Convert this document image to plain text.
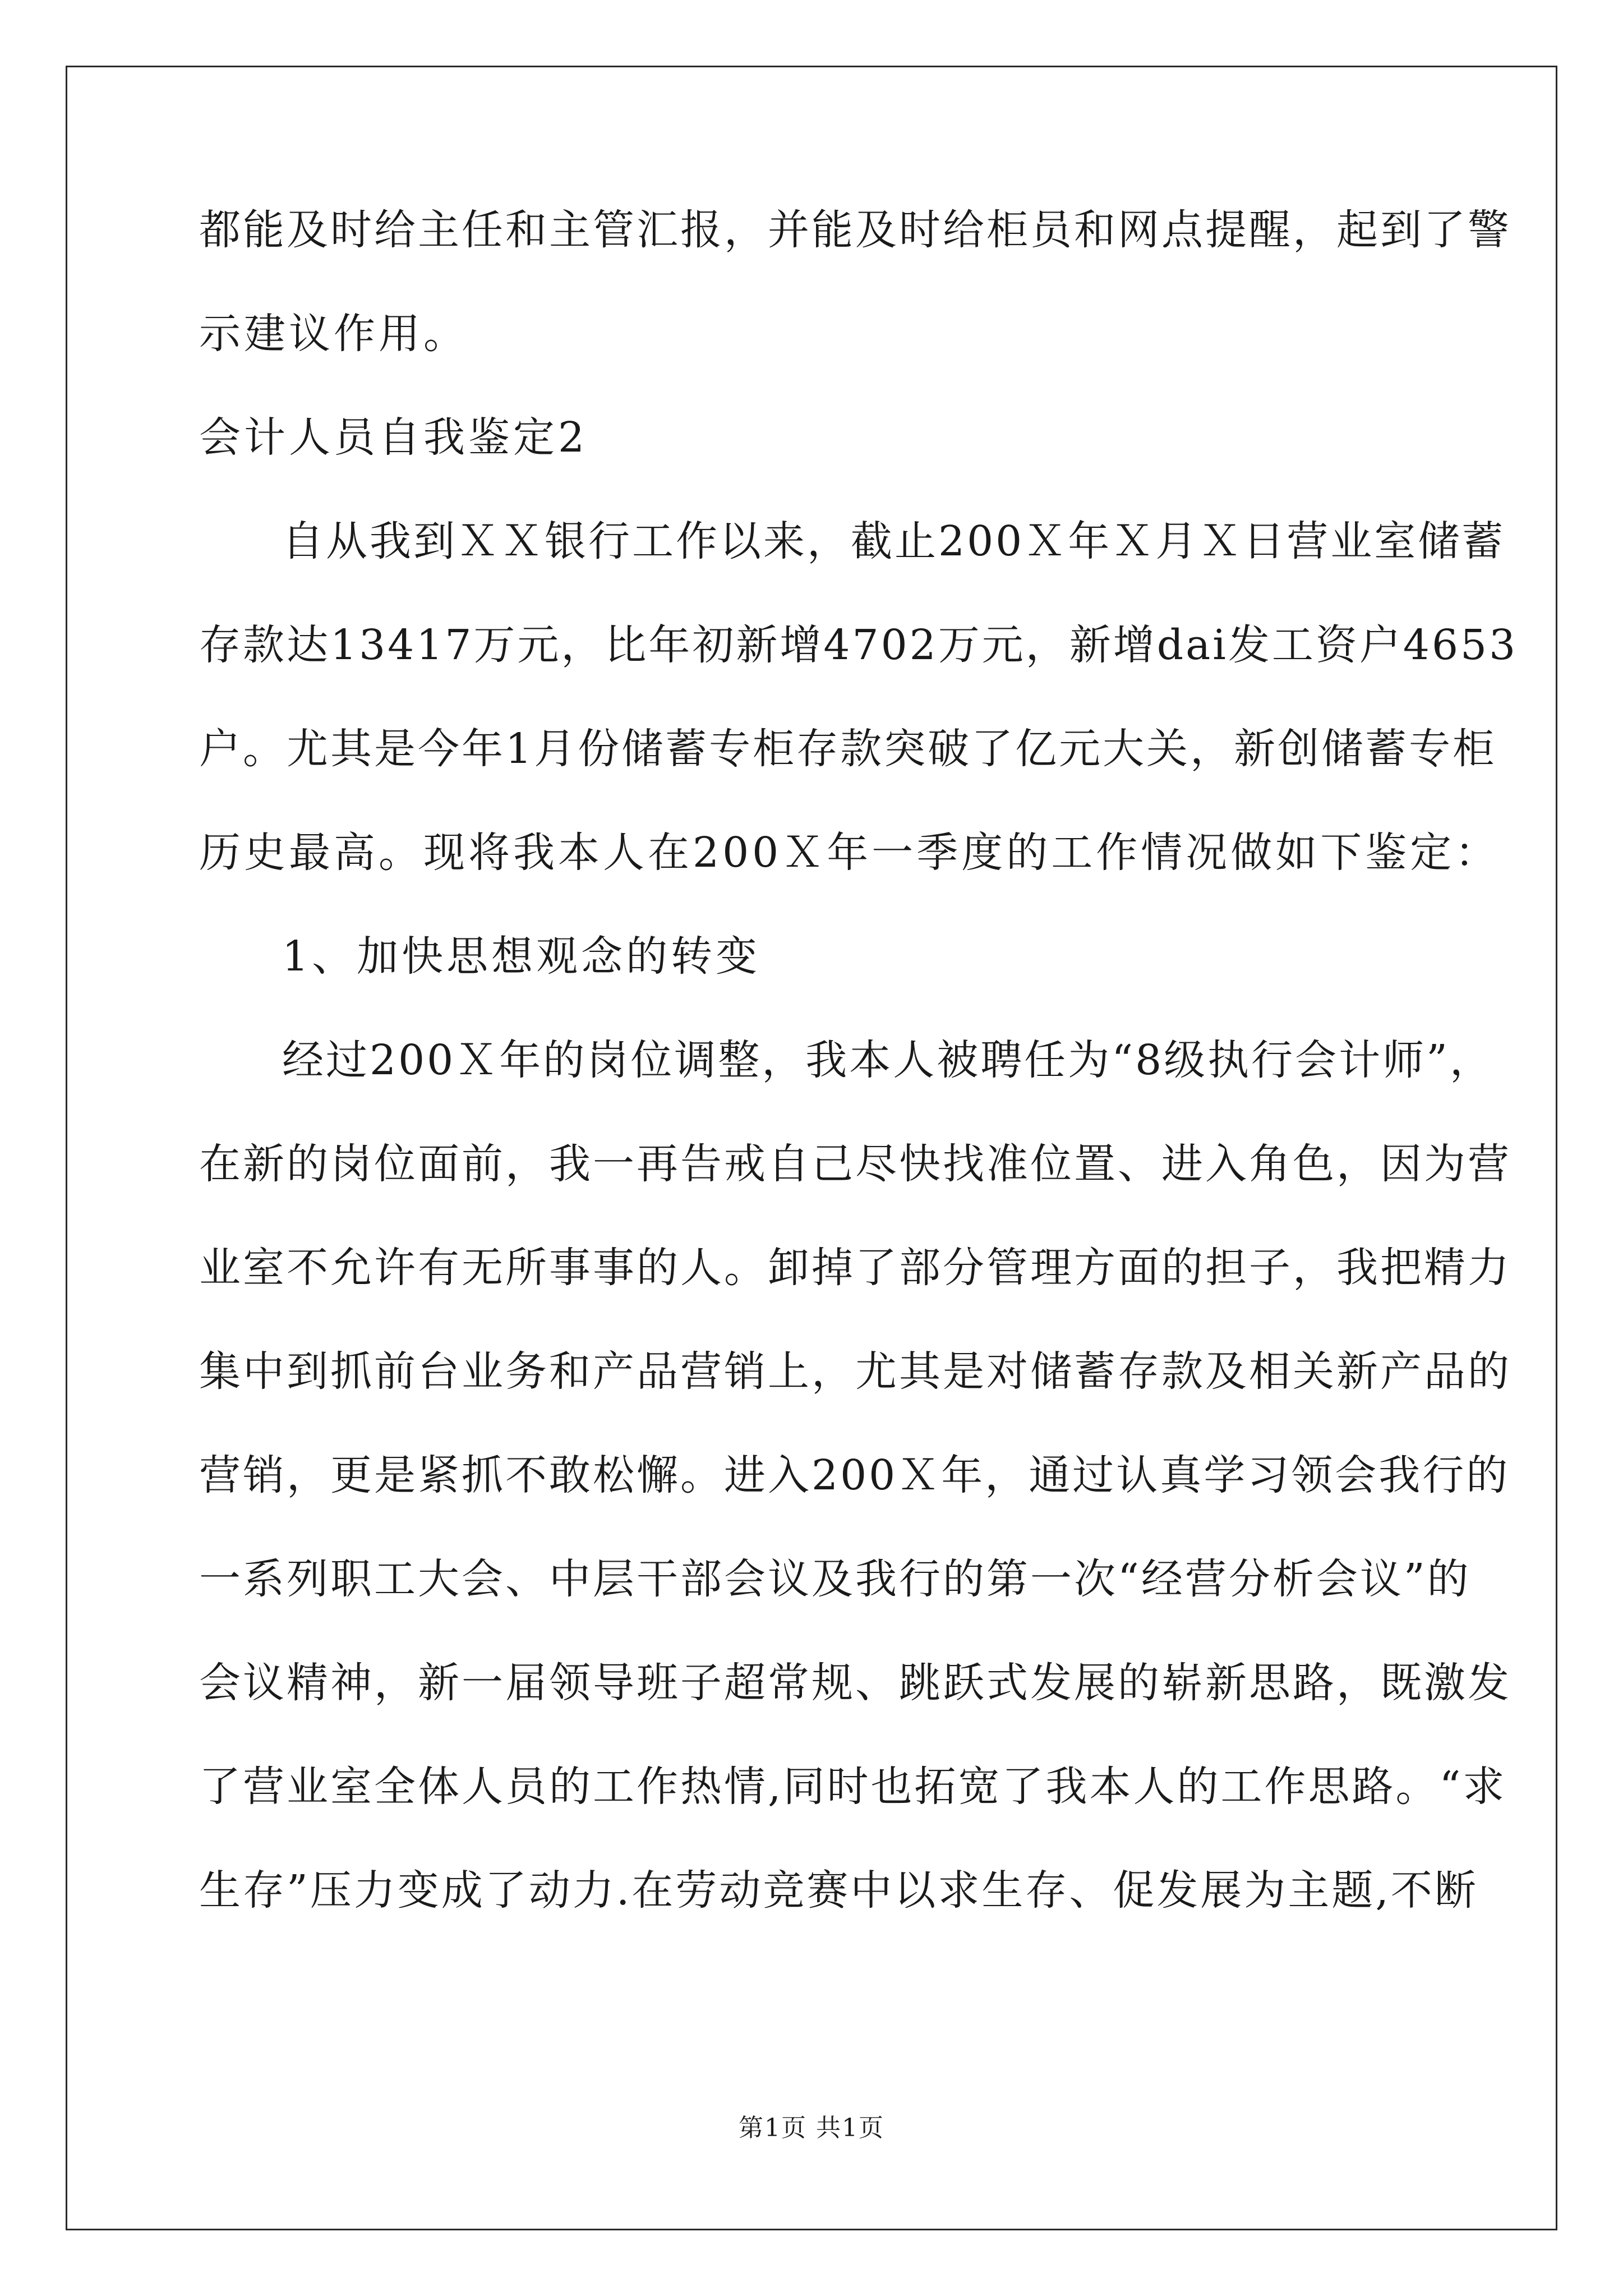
都能及时给主任和主管汇报，并能及时给柜员和网点提醒，起到了警
示建议作用。
会计人员自我鉴定2
自从我到ＸＸ银行工作以来，截止200Ｘ年Ｘ月Ｘ日营业室储蓄
存款达13417万元，比年初新增4702万元，新增dai发工资户4653
户。尤其是今年1月份储蓄专柜存款突破了亿元大关，新创储蓄专柜
历史最高。现将我本人在200Ｘ年一季度的工作情况做如下鉴定：
1、加快思想观念的转变
经过200Ｘ年的岗位调整，我本人被聘任为“8级执行会计师”，
在新的岗位面前，我一再告戒自己尽快找准位置、进入角色，因为营
业室不允许有无所事事的人。卸掉了部分管理方面的担子，我把精力
集中到抓前台业务和产品营销上，尤其是对储蓄存款及相关新产品的
营销，更是紧抓不敢松懈。进入200Ｘ年，通过认真学习领会我行的
一系列职工大会、中层干部会议及我行的第一次“经营分析会议”的
会议精神，新一届领导班子超常规、跳跃式发展的崭新思路，既激发
了营业室全体人员的工作热情,同时也拓宽了我本人的工作思路。“求
生存”压力变成了动力.在劳动竞赛中以求生存、促发展为主题,不断
第1页 共1页
